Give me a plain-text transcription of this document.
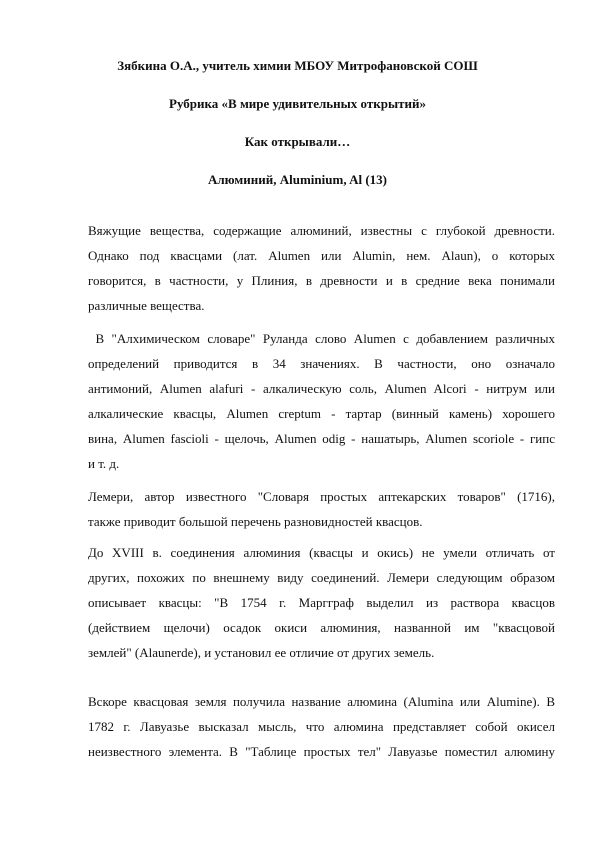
Зябкина О.А., учитель химии МБОУ Митрофановской СОШ
Рубрика «В мире удивительных открытий»
Как открывали…
Алюминий, Aluminium, Al (13)
Вяжущие вещества, содержащие алюминий, известны с глубокой древности.
Однако под квасцами (лат. Alumen или Alumin, нем. Alaun), о которых
говорится, в частности, у Плиния, в древности и в средние века понимали
различные вещества.
В "Алхимическом словаре" Руланда слово Alumen с добавлением различных
определений приводится в 34 значениях. В частности, оно означало
антимоний, Alumen alafuri - алкалическую соль, Alumen Alcori - нитрум или
алкалические квасцы, Alumen creptum - тартар (винный камень) хорошего
вина, Alumen fascioli - щелочь, Alumen odig - нашатырь, Alumen scoriole - гипс
и т. д.
Лемери, автор известного "Словаря простых аптекарских товаров" (1716),
также приводит большой перечень разновидностей квасцов.
До XVIII в. соединения алюминия (квасцы и окись) не умели отличать от
других, похожих по внешнему виду соединений. Лемери следующим образом
описывает квасцы: "В 1754 г. Маргграф выделил из раствора квасцов
(действием щелочи) осадок окиси алюминия, названной им "квасцовой
землей" (Alaunerde), и установил ее отличие от других земель.
Вскоре квасцовая земля получила название алюмина (Alumina или Alumine). В
1782 г. Лавуазье высказал мысль, что алюмина представляет собой окисел
неизвестного элемента. В "Таблице простых тел" Лавуазье поместил алюмину
